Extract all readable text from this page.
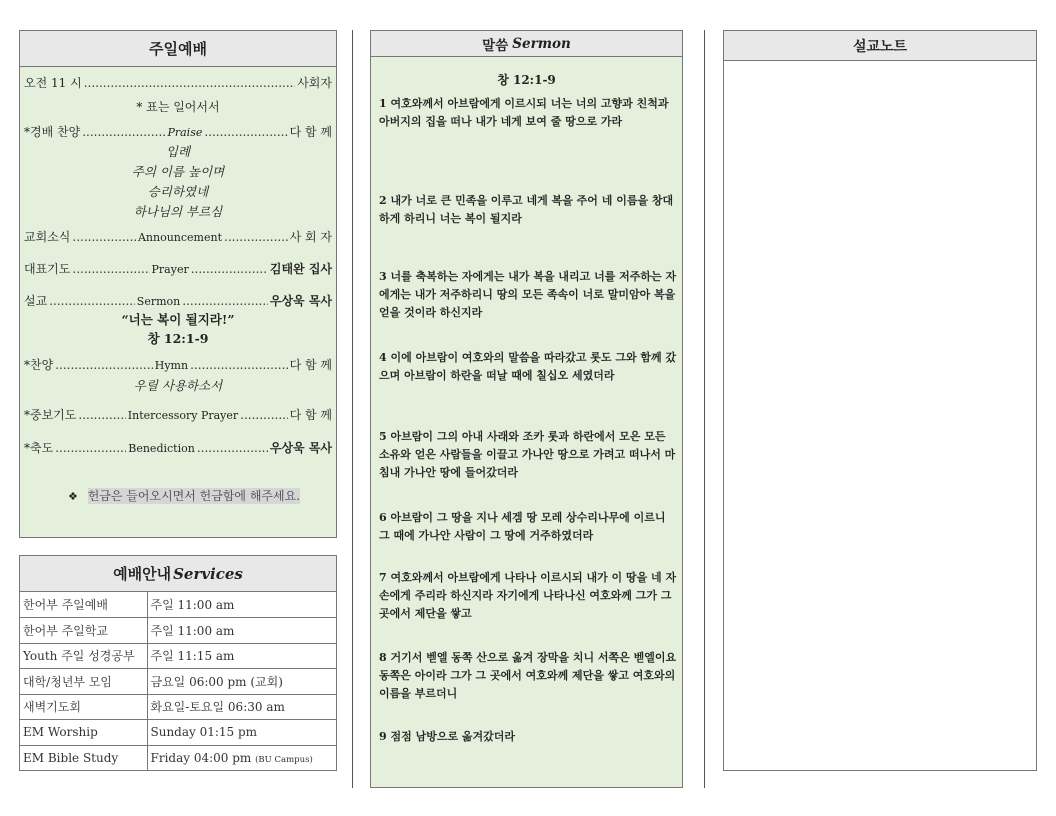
주일예배
오전 11 시 .....	사회자
* 표는 일어서서
*경배 찬양 .....	Praise .....	다 함 께
입례
주의 이름 높이며
승리하였네
하나님의 부르심
교회소식 .....	Announcement .....	사 회 자
대표기도 .....	Prayer .....	김태완 집사
설교 .....	Sermon .....	우상욱 목사
“너는 복이 될지라!”
창 12:1-9
*찬양 .....	Hymn .....	다 함 께
우릴 사용하소서
*중보기도 .....	Intercessory Prayer .....	다 함 께
*축도 .....	Benediction .....	우상욱 목사
❖ 헌금은 들어오시면서 헌금함에 해주세요.
예배안내 Services
한어부 주일예배	주일 11:00 am
한어부 주일학교	주일 11:00 am
Youth 주일 성경공부	주일 11:15 am
대학/청년부 모임	금요일 06:00 pm (교회)
새벽기도회	화요일-토요일 06:30 am
EM Worship	Sunday 01:15 pm
EM Bible Study	Friday 04:00 pm (BU Campus)
말씀 Sermon
창 12:1-9
1 여호와께서 아브람에게 이르시되 너는 너의 고향과 친척과 아버지의 집을 떠나 내가 네게 보여 줄 땅으로 가라
2 내가 너로 큰 민족을 이루고 네게 복을 주어 네 이름을 창대하게 하리니 너는 복이 될지라
3 너를 축복하는 자에게는 내가 복을 내리고 너를 저주하는 자에게는 내가 저주하리니 땅의 모든 족속이 너로 말미암아 복을 얻을 것이라 하신지라
4 이에 아브람이 여호와의 말씀을 따라갔고 롯도 그와 함께 갔으며 아브람이 하란을 떠날 때에 칠십오 세였더라
5 아브람이 그의 아내 사래와 조카 롯과 하란에서 모은 모든 소유와 얻은 사람들을 이끌고 가나안 땅으로 가려고 떠나서 마침내 가나안 땅에 들어갔더라
6 아브람이 그 땅을 지나 세겜 땅 모레 상수리나무에 이르니 그 때에 가나안 사람이 그 땅에 거주하였더라
7 여호와께서 아브람에게 나타나 이르시되 내가 이 땅을 네 자손에게 주리라 하신지라 자기에게 나타나신 여호와께 그가 그 곳에서 제단을 쌓고
8 거기서 벧엘 동쪽 산으로 옮겨 장막을 치니 서쪽은 벧엘이요 동쪽은 아이라 그가 그 곳에서 여호와께 제단을 쌓고 여호와의 이름을 부르더니
9 점점 남방으로 옮겨갔더라
설교노트
